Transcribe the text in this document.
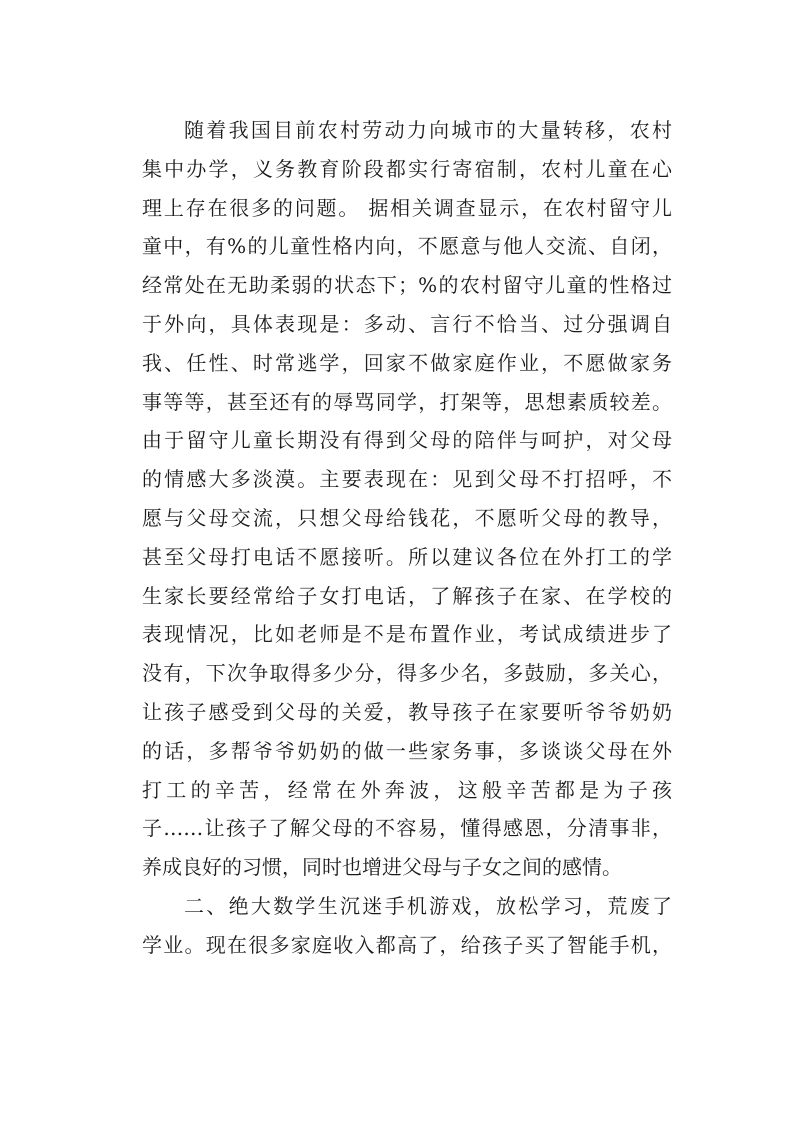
随着我国目前农村劳动力向城市的大量转移，农村
集中办学，义务教育阶段都实行寄宿制，农村儿童在心
理上存在很多的问题。 据相关调查显示，在农村留守儿
童中，有%的儿童性格内向，不愿意与他人交流、自闭，
经常处在无助柔弱的状态下；%的农村留守儿童的性格过
于外向，具体表现是：多动、言行不恰当、过分强调自
我、任性、时常逃学，回家不做家庭作业，不愿做家务
事等等，甚至还有的辱骂同学，打架等，思想素质较差。
由于留守儿童长期没有得到父母的陪伴与呵护，对父母
的情感大多淡漠。主要表现在：见到父母不打招呼，不
愿与父母交流，只想父母给钱花，不愿听父母的教导，
甚至父母打电话不愿接听。所以建议各位在外打工的学
生家长要经常给子女打电话，了解孩子在家、在学校的
表现情况，比如老师是不是布置作业，考试成绩进步了
没有，下次争取得多少分，得多少名，多鼓励，多关心，
让孩子感受到父母的关爱，教导孩子在家要听爷爷奶奶
的话，多帮爷爷奶奶的做一些家务事，多谈谈父母在外
打工的辛苦，经常在外奔波，这般辛苦都是为子孩
子……让孩子了解父母的不容易，懂得感恩，分清事非，
养成良好的习惯，同时也增进父母与子女之间的感情。
二、绝大数学生沉迷手机游戏，放松学习，荒废了
学业。现在很多家庭收入都高了，给孩子买了智能手机，
